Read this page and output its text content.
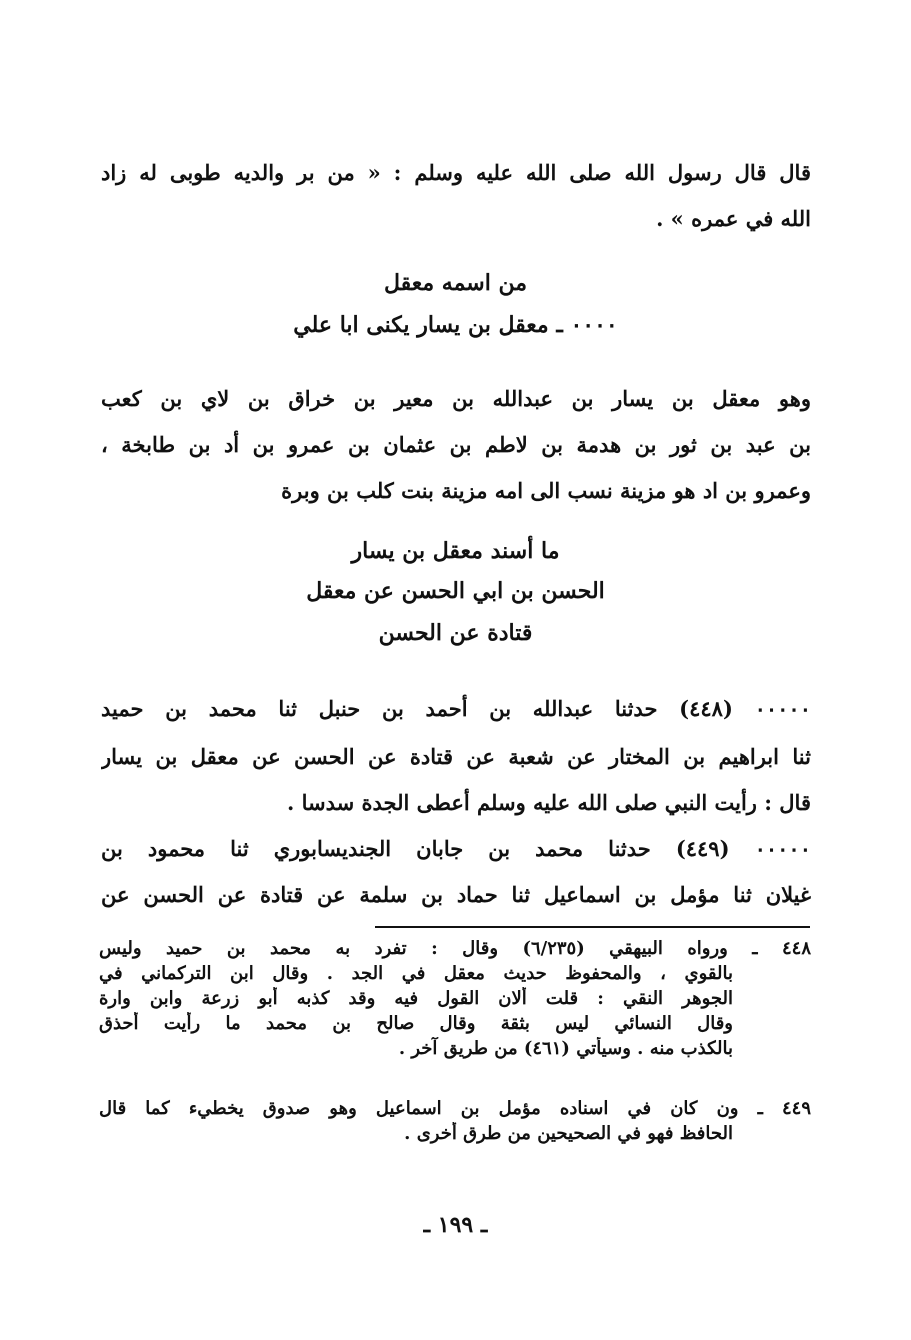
قال قال رسول الله صلى الله عليه وسلم : « من بر والديه طوبى له زاد
الله في عمره » .
من اسمه معقل
٠٠٠٠ ـ معقل بن يسار يكنى ابا علي
وهو معقل بن يسار بن عبدالله بن معير بن خراق بن لاي بن كعب
بن عبد بن ثور بن هدمة بن لاطم بن عثمان بن عمرو بن أد بن طابخة ،
وعمرو بن اد هو مزينة نسب الى امه مزينة بنت كلب بن وبرة
ما أسند معقل بن يسار
الحسن بن ابي الحسن عن معقل
قتادة عن الحسن
٠٠٠٠٠ (٤٤٨) حدثنا عبدالله بن أحمد بن حنبل ثنا محمد بن حميد
ثنا ابراهيم بن المختار عن شعبة عن قتادة عن الحسن عن معقل بن يسار
قال : رأيت النبي صلى الله عليه وسلم أعطى الجدة سدسا .
٠٠٠٠٠ (٤٤٩) حدثنا محمد بن جابان الجنديسابوري ثنا محمود بن
غيلان ثنا مؤمل بن اسماعيل ثنا حماد بن سلمة عن قتادة عن الحسن عن
٤٤٨ ـ ورواه البيهقي (٦/٢٣٥) وقال : تفرد به محمد بن حميد وليس
بالقوي ، والمحفوظ حديث معقل في الجد . وقال ابن التركماني في
الجوهر النقي : قلت ألان القول فيه وقد كذبه أبو زرعة وابن وارة
وقال النسائي ليس بثقة وقال صالح بن محمد ما رأيت أحذق
بالكذب منه . وسيأتي (٤٦١) من طريق آخر .
٤٤٩ ـ ون كان في اسناده مؤمل بن اسماعيل وهو صدوق يخطيء كما قال
الحافظ فهو في الصحيحين من طرق أخرى .
ـ ١٩٩ ـ
